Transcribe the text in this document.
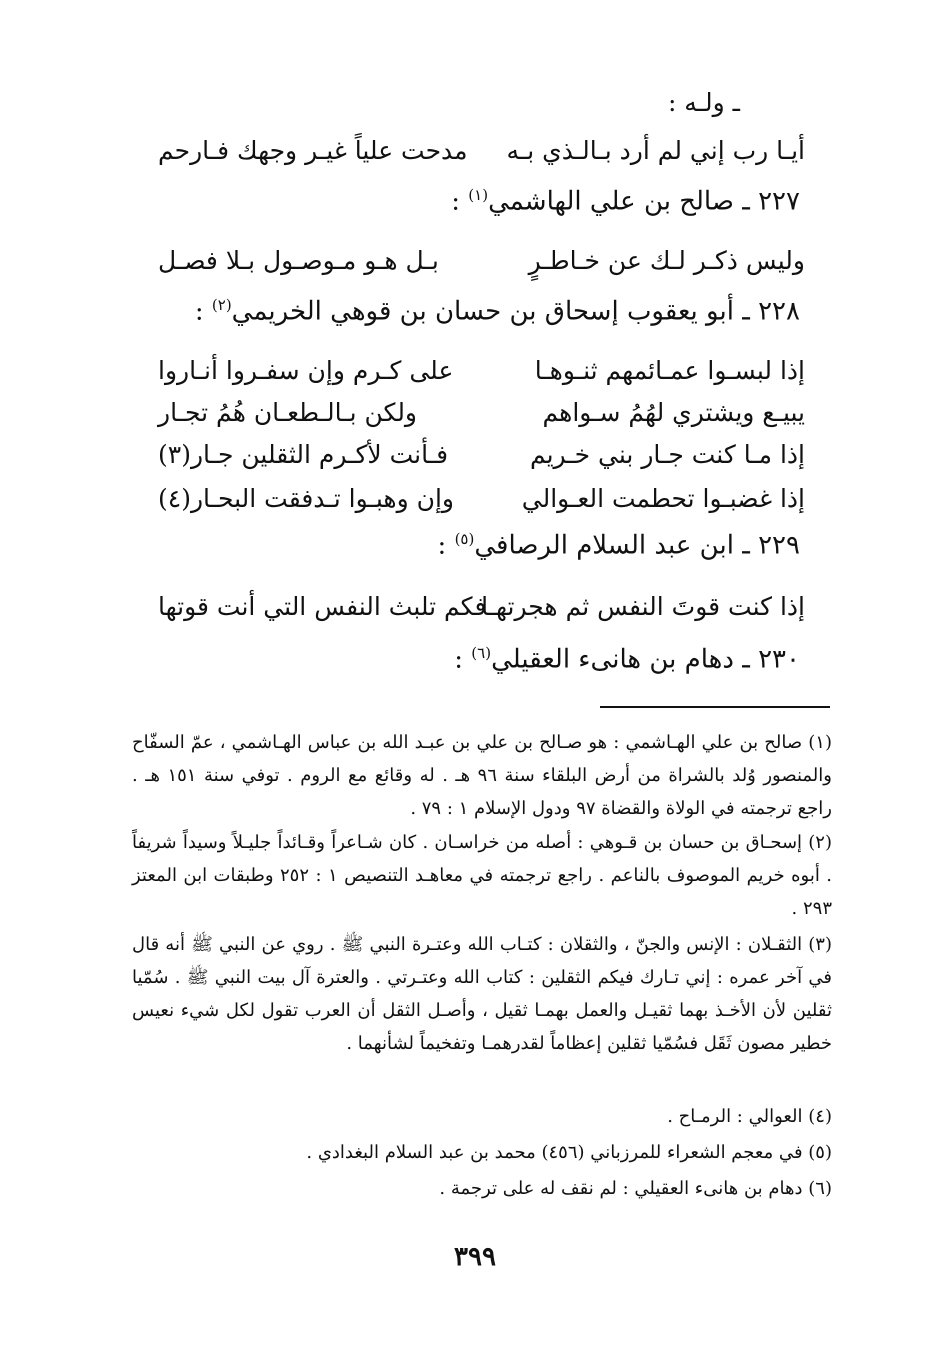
ـ ولـه :
أيـا رب إني لم أرد بـالـذي بـه
مدحت علياً غيـر وجهك فـارحم
٢٢٧ ـ صالح بن علي الهاشمي$^{(١)}$ :
وليس ذكـر لـك عن خـاطـرٍ
بـل هـو مـوصـول بـلا فصـل
٢٢٨ ـ أبو يعقوب إسحاق بن حسان بن قوهي الخريمي$^{(٢)}$ :
إذا لبسـوا عمـائمهم ثنـوهـا
على كـرم وإن سفـروا أنـاروا
يبيـع ويشتري لهُمُ سـواهم
ولكن بـالـطعـان هُمُ تجـار
إذا مـا كنت جـار بني خـريم
فـأنت لأكـرم الثقلين جـار(٣)
إذا غضبـوا تحطمت العـوالي
وإن وهبـوا تـدفقت البحـار(٤)
٢٢٩ ـ ابن عبد السلام الرصافي$^{(٥)}$ :
إذا كنت قوتَ النفس ثم هجرتهـا
فكم تلبث النفس التي أنت قوتها
٢٣٠ ـ دهام بن هانىء العقيلي$^{(٦)}$ :
(١) صالح بن علي الهـاشمي : هو صـالح بن علي بن عبـد الله بن عباس الهـاشمي ، عمّ السفّاح والمنصور وُلد بالشراة من أرض البلقاء سنة ٩٦ هـ . له وقائع مع الروم . توفي سنة ١٥١ هـ . راجع ترجمته في الولاة والقضاة ٩٧ ودول الإسلام ١ : ٧٩ .
(٢) إسحـاق بن حسان بن قـوهي : أصله من خراسـان . كان شـاعراً وقـائداً جليـلاً وسيداً شريفاً . أبوه خريم الموصوف بالناعم . راجع ترجمته في معاهـد التنصيص ١ : ٢٥٢ وطبقات ابن المعتز ٢٩٣ .
(٣) الثقـلان : الإنس والجنّ ، والثقلان : كتـاب الله وعتـرة النبي ﷺ . روي عن النبي ﷺ أنه قال في آخر عمره : إني تـارك فيكم الثقلين : كتاب الله وعتـرتي . والعترة آل بيت النبي ﷺ . سُمّيا ثقلين لأن الأخـذ بهما ثقيـل والعمل بهمـا ثقيل ، وأصـل الثقل أن العرب تقول لكل شيء نعيس خطير مصون ثَقَل فسُمّيا ثقلين إعظاماً لقدرهمـا وتفخيماً لشأنهما .
(٤) العوالي : الرمـاح .
(٥) في معجم الشعراء للمرزباني (٤٥٦) محمد بن عبد السلام البغدادي .
(٦) دهام بن هانىء العقيلي : لم نقف له على ترجمة .
٣٩٩
